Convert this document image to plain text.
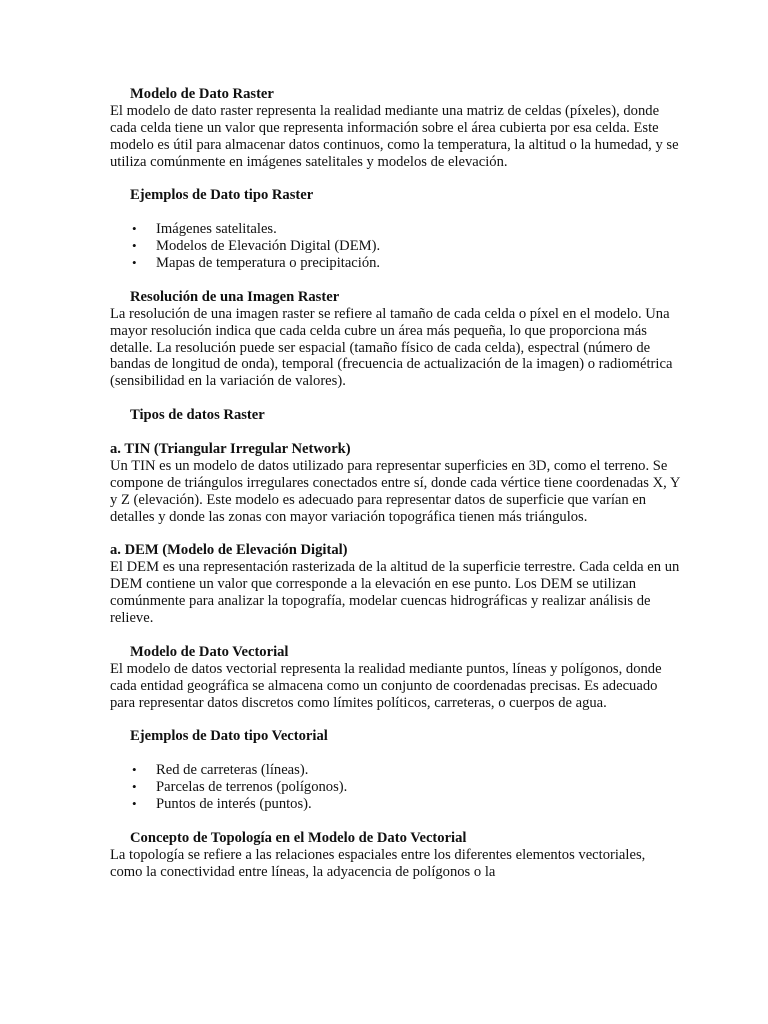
Modelo de Dato Raster

El modelo de dato raster representa la realidad mediante una matriz de celdas (píxeles), donde cada celda tiene un valor que representa información sobre el área cubierta por esa celda. Este modelo es útil para almacenar datos continuos, como la temperatura, la altitud o la humedad, y se utiliza comúnmente en imágenes satelitales y modelos de elevación.

Ejemplos de Dato tipo Raster

• Imágenes satelitales.
• Modelos de Elevación Digital (DEM).
• Mapas de temperatura o precipitación.

Resolución de una Imagen Raster

La resolución de una imagen raster se refiere al tamaño de cada celda o píxel en el modelo. Una mayor resolución indica que cada celda cubre un área más pequeña, lo que proporciona más detalle. La resolución puede ser espacial (tamaño físico de cada celda), espectral (número de bandas de longitud de onda), temporal (frecuencia de actualización de la imagen) o radiométrica (sensibilidad en la variación de valores).

Tipos de datos Raster

a. TIN (Triangular Irregular Network)

Un TIN es un modelo de datos utilizado para representar superficies en 3D, como el terreno. Se compone de triángulos irregulares conectados entre sí, donde cada vértice tiene coordenadas X, Y y Z (elevación). Este modelo es adecuado para representar datos de superficie que varían en detalles y donde las zonas con mayor variación topográfica tienen más triángulos.

a. DEM (Modelo de Elevación Digital)

El DEM es una representación rasterizada de la altitud de la superficie terrestre. Cada celda en un DEM contiene un valor que corresponde a la elevación en ese punto. Los DEM se utilizan comúnmente para analizar la topografía, modelar cuencas hidrográficas y realizar análisis de relieve.

Modelo de Dato Vectorial

El modelo de datos vectorial representa la realidad mediante puntos, líneas y polígonos, donde cada entidad geográfica se almacena como un conjunto de coordenadas precisas. Es adecuado para representar datos discretos como límites políticos, carreteras, o cuerpos de agua.

Ejemplos de Dato tipo Vectorial

• Red de carreteras (líneas).
• Parcelas de terrenos (polígonos).
• Puntos de interés (puntos).

Concepto de Topología en el Modelo de Dato Vectorial

La topología se refiere a las relaciones espaciales entre los diferentes elementos vectoriales, como la conectividad entre líneas, la adyacencia de polígonos o la
